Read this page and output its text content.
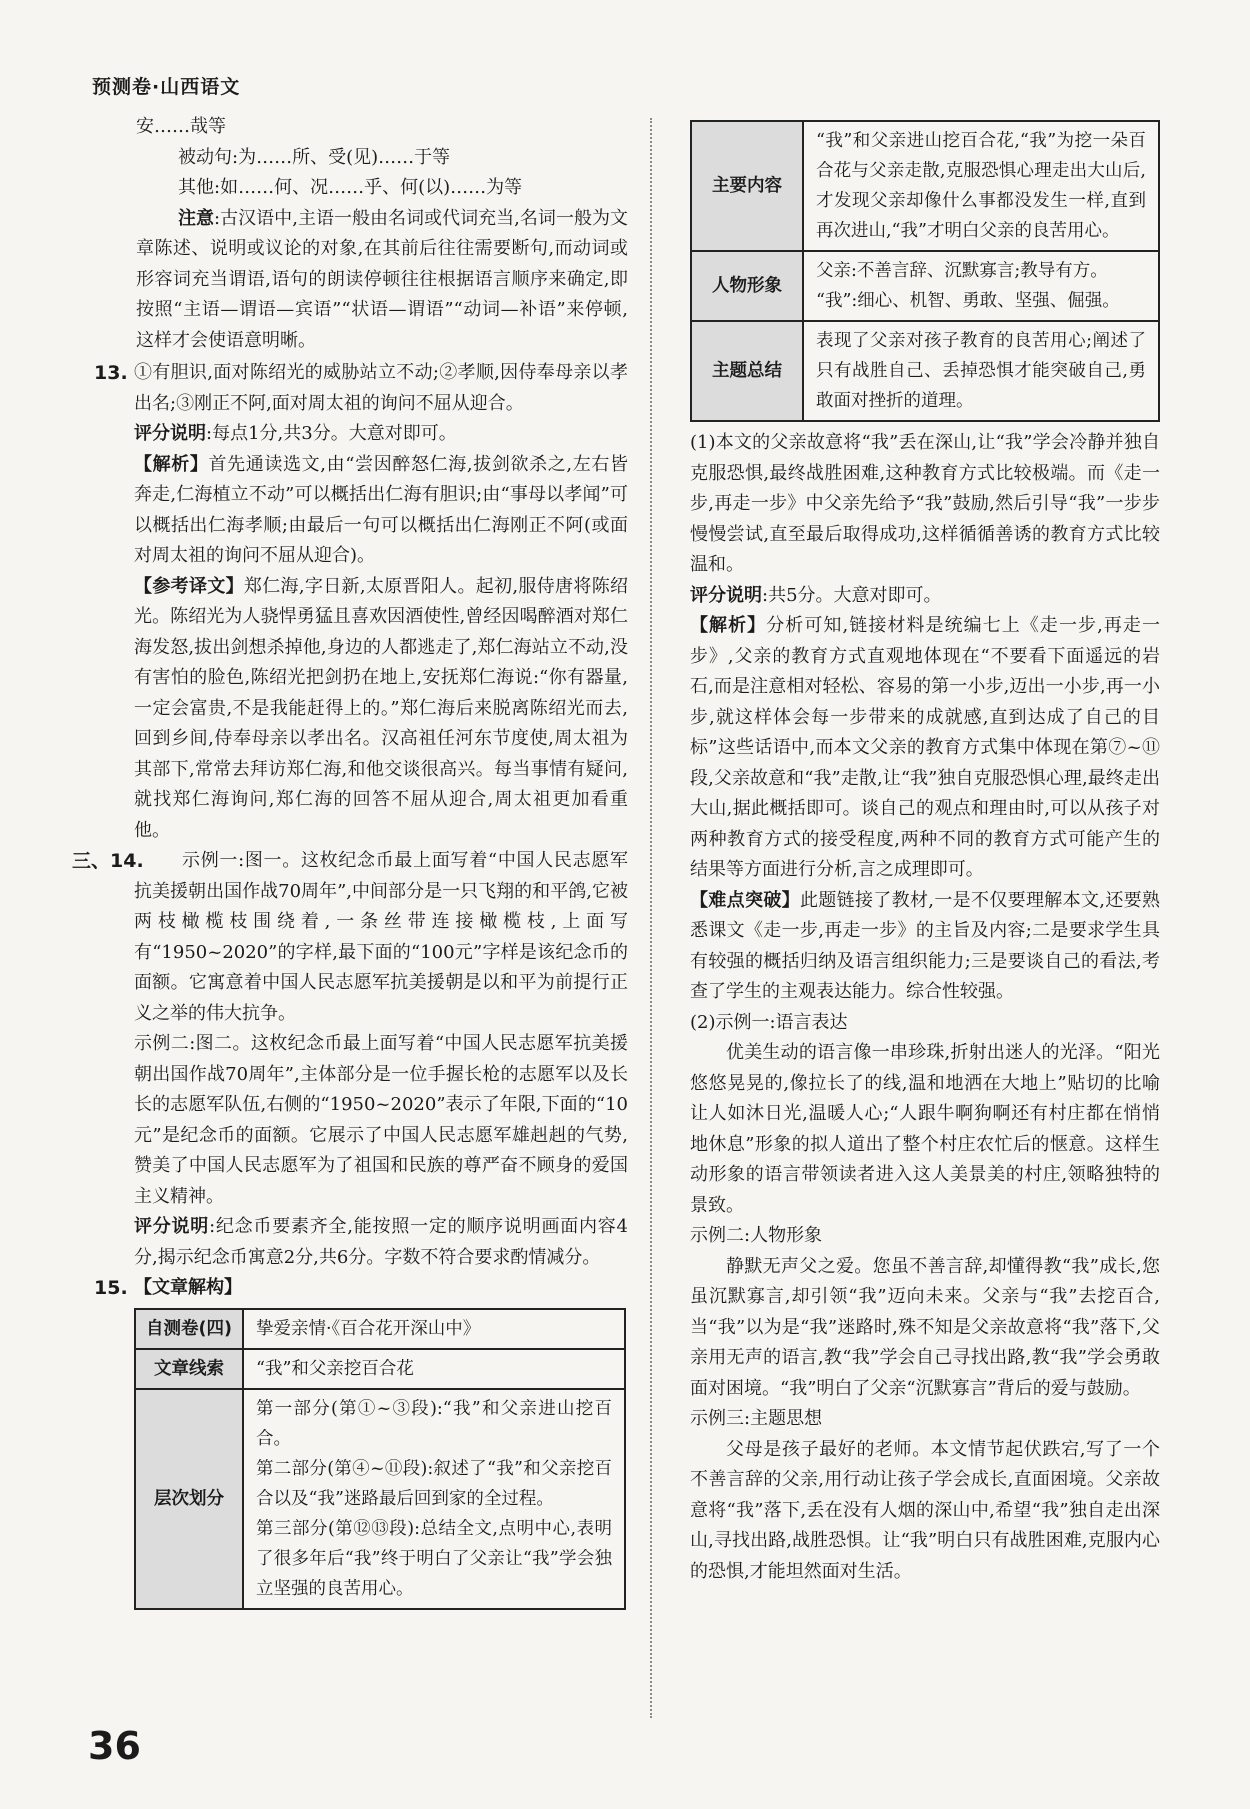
预测卷·山西语文

安……哉等

被动句:为……所、受(见)……于等

其他:如……何、况……乎、何(以)……为等

注意:古汉语中,主语一般由名词或代词充当,名词一般为文章陈述、说明或议论的对象,在其前后往往需要断句,而动词或形容词充当谓语,语句的朗读停顿往往根据语言顺序来确定,即按照“主语—谓语—宾语”“状语—谓语”“动词—补语”来停顿,这样才会使语意明晰。

13. ①有胆识,面对陈绍光的威胁站立不动;②孝顺,因侍奉母亲以孝出名;③刚正不阿,面对周太祖的询问不屈从迎合。

评分说明:每点1分,共3分。大意对即可。

【解析】首先通读选文,由“尝因醉怒仁海,拔剑欲杀之,左右皆奔走,仁海植立不动”可以概括出仁海有胆识;由“事母以孝闻”可以概括出仁海孝顺;由最后一句可以概括出仁海刚正不阿(或面对周太祖的询问不屈从迎合)。

【参考译文】郑仁海,字日新,太原晋阳人。起初,服侍唐将陈绍光。陈绍光为人骁悍勇猛且喜欢因酒使性,曾经因喝醉酒对郑仁海发怒,拔出剑想杀掉他,身边的人都逃走了,郑仁海站立不动,没有害怕的脸色,陈绍光把剑扔在地上,安抚郑仁海说:“你有器量,一定会富贵,不是我能赶得上的。”郑仁海后来脱离陈绍光而去,回到乡间,侍奉母亲以孝出名。汉高祖任河东节度使,周太祖为其部下,常常去拜访郑仁海,和他交谈很高兴。每当事情有疑问,就找郑仁海询问,郑仁海的回答不屈从迎合,周太祖更加看重他。

三、14.	示例一:图一。这枚纪念币最上面写着“中国人民志愿军抗美援朝出国作战70周年”,中间部分是一只飞翔的和平鸽,它被两枝橄榄枝围绕着,一条丝带连接橄榄枝,上面写有“1950~2020”的字样,最下面的“100元”字样是该纪念币的面额。它寓意着中国人民志愿军抗美援朝是以和平为前提行正义之举的伟大抗争。

示例二:图二。这枚纪念币最上面写着“中国人民志愿军抗美援朝出国作战70周年”,主体部分是一位手握长枪的志愿军以及长长的志愿军队伍,右侧的“1950~2020”表示了年限,下面的“10元”是纪念币的面额。它展示了中国人民志愿军雄赳赳的气势,赞美了中国人民志愿军为了祖国和民族的尊严奋不顾身的爱国主义精神。

评分说明:纪念币要素齐全,能按照一定的顺序说明画面内容4分,揭示纪念币寓意2分,共6分。字数不符合要求酌情减分。

15. 【文章解构】

自测卷(四)	挚爱亲情·《百合花开深山中》
文章线索	“我”和父亲挖百合花
层次划分	第一部分(第①~③段):“我”和父亲进山挖百合。
第二部分(第④~⑪段):叙述了“我”和父亲挖百合以及“我”迷路最后回到家的全过程。
第三部分(第⑫⑬段):总结全文,点明中心,表明了很多年后“我”终于明白了父亲让“我”学会独立坚强的良苦用心。
主要内容	“我”和父亲进山挖百合花,“我”为挖一朵百合花与父亲走散,克服恐惧心理走出大山后,才发现父亲却像什么事都没发生一样,直到再次进山,“我”才明白父亲的良苦用心。
人物形象	父亲:不善言辞、沉默寡言;教导有方。
“我”:细心、机智、勇敢、坚强、倔强。

主题总结	表现了父亲对孩子教育的良苦用心;阐述了只有战胜自己、丢掉恐惧才能突破自己,勇敢面对挫折的道理。

(1)本文的父亲故意将“我”丢在深山,让“我”学会冷静并独自克服恐惧,最终战胜困难,这种教育方式比较极端。而《走一步,再走一步》中父亲先给予“我”鼓励,然后引导“我”一步步慢慢尝试,直至最后取得成功,这样循循善诱的教育方式比较温和。

评分说明:共5分。大意对即可。

【解析】分析可知,链接材料是统编七上《走一步,再走一步》,父亲的教育方式直观地体现在“不要看下面遥远的岩石,而是注意相对轻松、容易的第一小步,迈出一小步,再一小步,就这样体会每一步带来的成就感,直到达成了自己的目标”这些话语中,而本文父亲的教育方式集中体现在第⑦~⑪段,父亲故意和“我”走散,让“我”独自克服恐惧心理,最终走出大山,据此概括即可。谈自己的观点和理由时,可以从孩子对两种教育方式的接受程度,两种不同的教育方式可能产生的结果等方面进行分析,言之成理即可。

【难点突破】此题链接了教材,一是不仅要理解本文,还要熟悉课文《走一步,再走一步》的主旨及内容;二是要求学生具有较强的概括归纳及语言组织能力;三是要谈自己的看法,考查了学生的主观表达能力。综合性较强。

(2)示例一:语言表达

优美生动的语言像一串珍珠,折射出迷人的光泽。“阳光悠悠晃晃的,像拉长了的线,温和地洒在大地上”贴切的比喻让人如沐日光,温暖人心;“人跟牛啊狗啊还有村庄都在悄悄地休息”形象的拟人道出了整个村庄农忙后的惬意。这样生动形象的语言带领读者进入这人美景美的村庄,领略独特的景致。

示例二:人物形象

静默无声父之爱。您虽不善言辞,却懂得教“我”成长,您虽沉默寡言,却引领“我”迈向未来。父亲与“我”去挖百合,当“我”以为是“我”迷路时,殊不知是父亲故意将“我”落下,父亲用无声的语言,教“我”学会自己寻找出路,教“我”学会勇敢面对困境。“我”明白了父亲“沉默寡言”背后的爱与鼓励。

示例三:主题思想

父母是孩子最好的老师。本文情节起伏跌宕,写了一个不善言辞的父亲,用行动让孩子学会成长,直面困境。父亲故意将“我”落下,丢在没有人烟的深山中,希望“我”独自走出深山,寻找出路,战胜恐惧。让“我”明白只有战胜困难,克服内心的恐惧,才能坦然面对生活。

36
